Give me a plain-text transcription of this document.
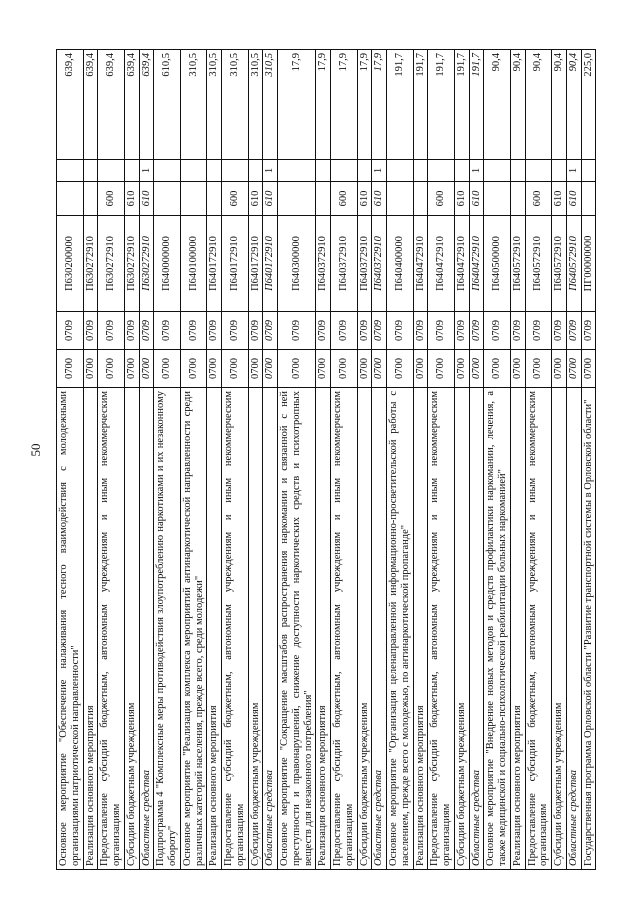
50 Основное мероприятие "Обеспечение налаживания тесного взаимодействия с молодежными организациями патриотической направленности"	0700	0709	П630200000			639,4
Реализация основного мероприятия	0700	0709	П630272910			639,4
Предоставление субсидий бюджетным, автономным учреждениям и иным некоммерческим организациям	0700	0709	П630272910	600		639,4
Субсидии бюджетным учреждениям	0700	0709	П630272910	610		639,4
Областные средства	0700	0709	П630272910	610	1	639,4
Подпрограмма 4 "Комплексные меры противодействия злоупотреблению наркотиками и их незаконному обороту"	0700	0709	П640000000			610,5
Основное мероприятие "Реализация комплекса мероприятий антинаркотической направленности среди различных категорий населения, прежде всего, среди молодежи"	0700	0709	П640100000			310,5
Реализация основного мероприятия	0700	0709	П640172910			310,5
Предоставление субсидий бюджетным, автономным учреждениям и иным некоммерческим организациям	0700	0709	П640172910	600		310,5
Субсидии бюджетным учреждениям	0700	0709	П640172910	610		310,5
Областные средства	0700	0709	П640172910	610	1	310,5
Основное мероприятие "Сокращение масштабов распространения наркомании и связанной с ней преступности и правонарушений, снижение доступности наркотических средств и психотропных веществ для незаконного потребления"	0700	0709	П640300000			17,9
Реализация основного мероприятия	0700	0709	П640372910			17,9
Предоставление субсидий бюджетным, автономным учреждениям и иным некоммерческим организациям	0700	0709	П640372910	600		17,9
Субсидии бюджетным учреждениям	0700	0709	П640372910	610		17,9
Областные средства	0700	0709	П640372910	610	1	17,9
Основное мероприятие "Организация целенаправленной информационно-просветительской работы с населением, прежде всего с молодежью, по антинаркотической пропаганде"	0700	0709	П640400000			191,7
Реализация основного мероприятия	0700	0709	П640472910			191,7
Предоставление субсидий бюджетным, автономным учреждениям и иным некоммерческим организациям	0700	0709	П640472910	600		191,7
Субсидии бюджетным учреждениям	0700	0709	П640472910	610		191,7
Областные средства	0700	0709	П640472910	610	1	191,7
Основное мероприятие "Внедрение новых методов и средств профилактики наркомании, лечения, а также медицинской и социально-психологической реабилитации больных наркоманией"	0700	0709	П640500000			90,4
Реализация основного мероприятия	0700	0709	П640572910			90,4
Предоставление субсидий бюджетным, автономным учреждениям и иным некоммерческим организациям	0700	0709	П640572910	600		90,4
Субсидии бюджетным учреждениям	0700	0709	П640572910	610		90,4
Областные средства	0700	0709	П640572910	610	1	90,4
Государственная программа Орловской области "Развитие транспортной системы в Орловской области"	0700	0709	ПГ00000000			225,0
